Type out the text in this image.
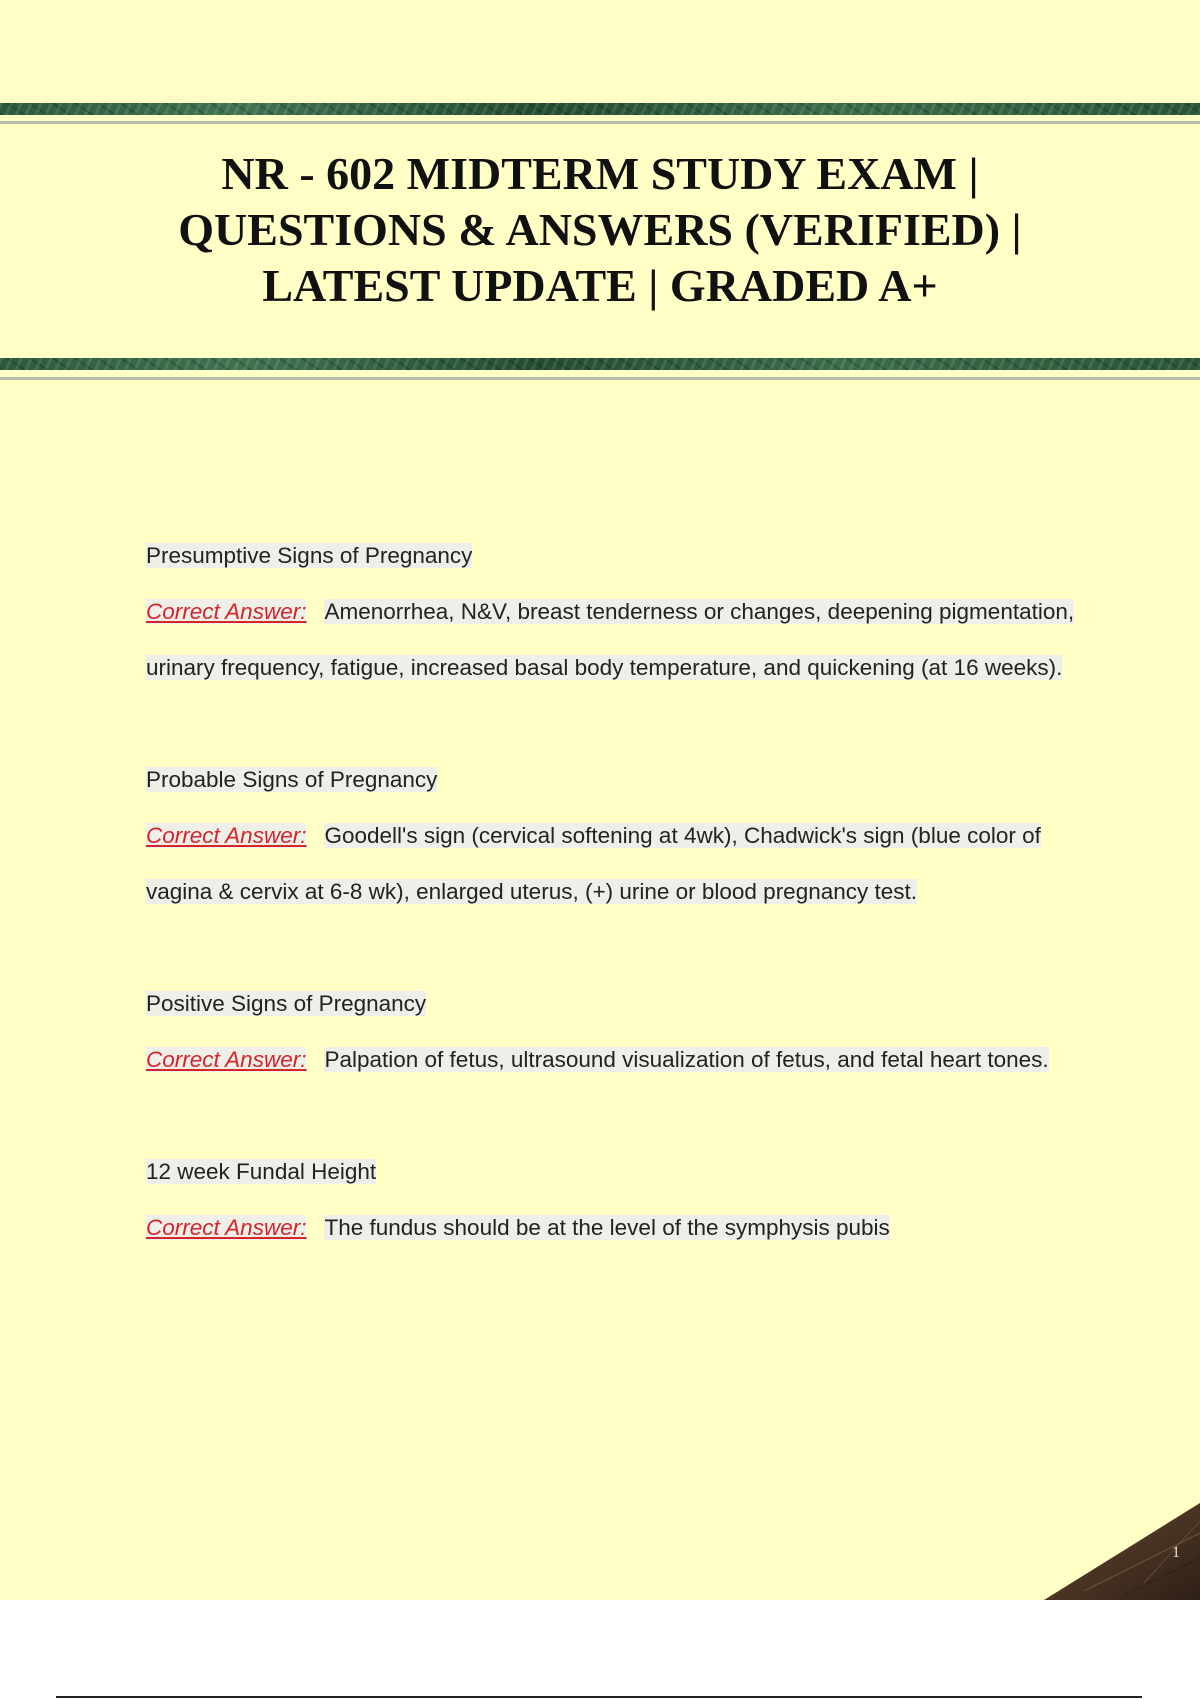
NR - 602 MIDTERM STUDY EXAM |
QUESTIONS & ANSWERS (VERIFIED) |
LATEST UPDATE | GRADED A+
Presumptive Signs of Pregnancy

Correct Answer: Amenorrhea, N&V, breast tenderness or changes, deepening pigmentation, urinary frequency, fatigue, increased basal body temperature, and quickening (at 16 weeks).

Probable Signs of Pregnancy

Correct Answer: Goodell's sign (cervical softening at 4wk), Chadwick's sign (blue color of vagina & cervix at 6-8 wk), enlarged uterus, (+) urine or blood pregnancy test.

Positive Signs of Pregnancy

Correct Answer: Palpation of fetus, ultrasound visualization of fetus, and fetal heart tones.

12 week Fundal Height

Correct Answer: The fundus should be at the level of the symphysis pubis

1
